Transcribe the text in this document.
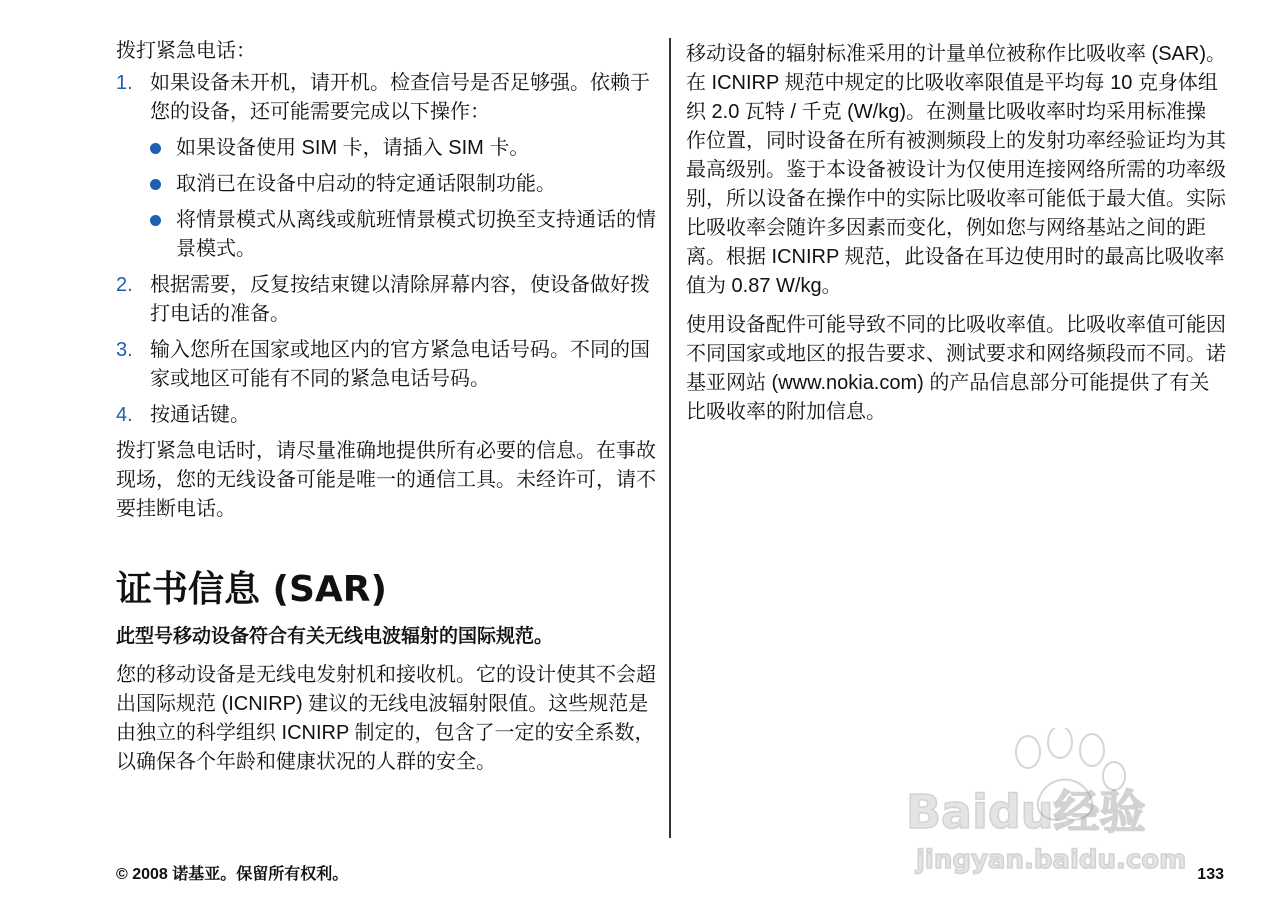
拨打紧急电话：

1. 如果设备未开机，请开机。检查信号是否足够强。依赖于您的设备，还可能需要完成以下操作：
如果设备使用 SIM 卡，请插入 SIM 卡。
取消已在设备中启动的特定通话限制功能。
将情景模式从离线或航班情景模式切换至支持通话的情景模式。
2. 根据需要，反复按结束键以清除屏幕内容，使设备做好拨打电话的准备。
3. 输入您所在国家或地区内的官方紧急电话号码。不同的国家或地区可能有不同的紧急电话号码。
4. 按通话键。

拨打紧急电话时，请尽量准确地提供所有必要的信息。在事故现场，您的无线设备可能是唯一的通信工具。未经许可，请不要挂断电话。

证书信息 (SAR)

此型号移动设备符合有关无线电波辐射的国际规范。

您的移动设备是无线电发射机和接收机。它的设计使其不会超出国际规范 (ICNIRP) 建议的无线电波辐射限值。这些规范是由独立的科学组织 ICNIRP 制定的，包含了一定的安全系数，以确保各个年龄和健康状况的人群的安全。

移动设备的辐射标准采用的计量单位被称作比吸收率 (SAR)。在 ICNIRP 规范中规定的比吸收率限值是平均每 10 克身体组织 2.0 瓦特 / 千克 (W/kg)。在测量比吸收率时均采用标准操作位置，同时设备在所有被测频段上的发射功率经验证均为其最高级别。鉴于本设备被设计为仅使用连接网络所需的功率级别，所以设备在操作中的实际比吸收率可能低于最大值。实际比吸收率会随许多因素而变化，例如您与网络基站之间的距离。根据 ICNIRP 规范，此设备在耳边使用时的最高比吸收率值为 0.87 W/kg。

使用设备配件可能导致不同的比吸收率值。比吸收率值可能因不同国家或地区的报告要求、测试要求和网络频段而不同。诺基亚网站 (www.nokia.com) 的产品信息部分可能提供了有关比吸收率的附加信息。

© 2008 诺基亚。保留所有权利。	133
Baidu经验
jingyan.baidu.com
